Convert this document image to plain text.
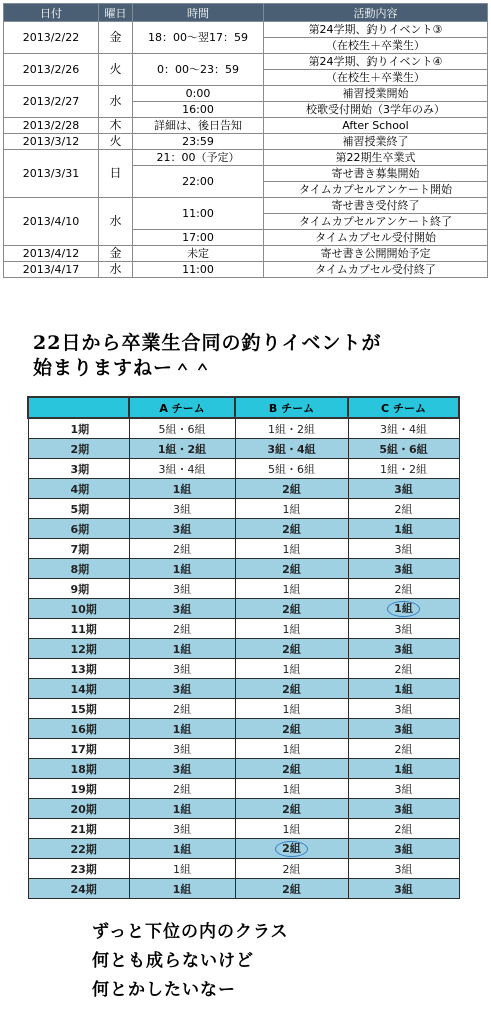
日付	曜日	時間	活動内容
2013/2/22	金	18：00〜翌17：59	第24学期、釣りイベント③
			（在校生＋卒業生）
2013/2/26	火	0：00〜23：59	第24学期、釣りイベント④
			（在校生＋卒業生）
2013/2/27	水	0:00	補習授業開始
		16:00	校歌受付開始（3学年のみ）
2013/2/28	木	詳細は、後日告知	After School
2013/3/12	火	23:59	補習授業終了
2013/3/31	日	21：00（予定）	第22期生卒業式
		22:00	寄せ書き募集開始
			タイムカプセルアンケート開始
2013/4/10	水	11:00	寄せ書き受付終了
			タイムカプセルアンケート終了
		17:00	タイムカプセル受付開始
2013/4/12	金	未定	寄せ書き公開開始予定
2013/4/17	水	11:00	タイムカプセル受付終了

22日から卒業生合同の釣りイベントが
始まりますねー＾＾

	A チーム	B チーム	C チーム
1期	5組・6組	1組・2組	3組・4組
2期	1組・2組	3組・4組	5組・6組
3期	3組・4組	5組・6組	1組・2組
4期	1組	2組	3組
5期	3組	1組	2組
6期	3組	2組	1組
7期	2組	1組	3組
8期	1組	2組	3組
9期	3組	1組	2組
10期	3組	2組	1組
11期	2組	1組	3組
12期	1組	2組	3組
13期	3組	1組	2組
14期	3組	2組	1組
15期	2組	1組	3組
16期	1組	2組	3組
17期	3組	1組	2組
18期	3組	2組	1組
19期	2組	1組	3組
20期	1組	2組	3組
21期	3組	1組	2組
22期	1組	2組	3組
23期	1組	2組	3組
24期	1組	2組	3組

ずっと下位の内のクラス
何とも成らないけど
何とかしたいなー
